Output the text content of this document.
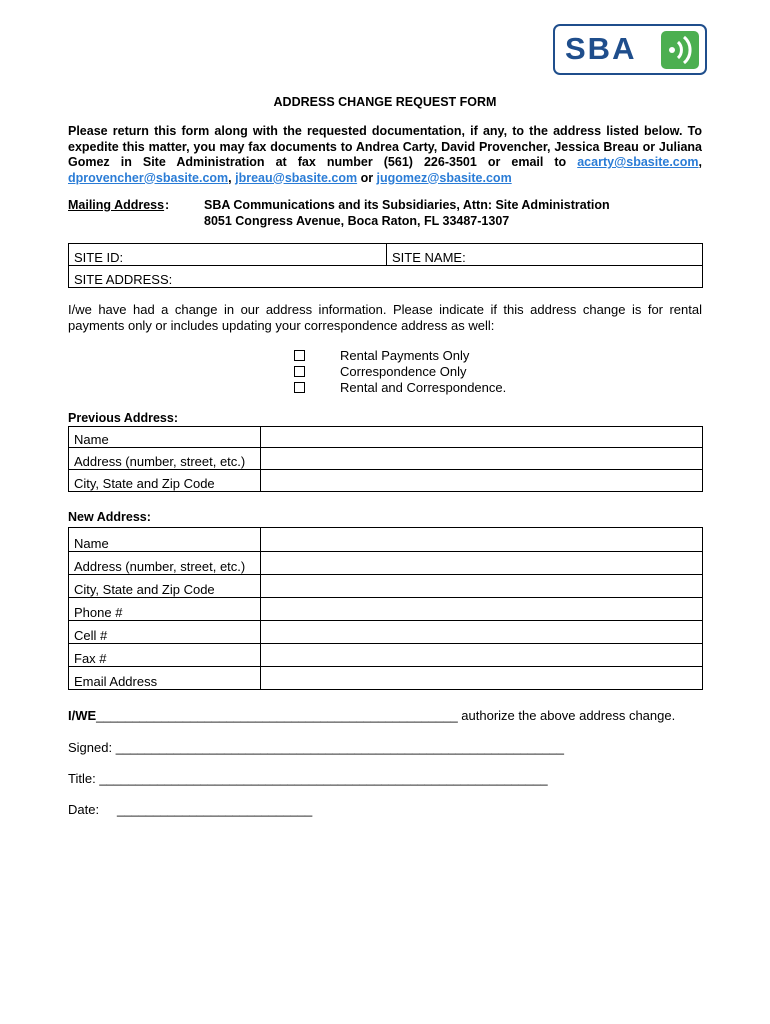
SBA
ADDRESS CHANGE REQUEST FORM
Please return this form along with the requested documentation, if any, to the address listed below. To expedite this matter, you may fax documents to Andrea Carty, David Provencher, Jessica Breau or Juliana Gomez in Site Administration at fax number (561) 226-3501 or email to acarty@sbasite.com, dprovencher@sbasite.com, jbreau@sbasite.com or jugomez@sbasite.com
Mailing Address :	SBA Communications and its Subsidiaries, Attn: Site Administration
8051 Congress Avenue, Boca Raton, FL 33487-1307
SITE ID:	SITE NAME:
SITE ADDRESS:
I/we have had a change in our address information. Please indicate if this address change is for rental payments only or includes updating your correspondence address as well:
Rental Payments Only
Correspondence Only
Rental and Correspondence.
Previous Address:
Name	
Address (number, street, etc.)	
City, State and Zip Code	
New Address:
Name	
Address (number, street, etc.)	
City, State and Zip Code	
Phone #	
Cell #	
Fax #	
Email Address	
I/WE__________________________________________________ authorize the above address change.
Signed: ______________________________________________________________
Title: ______________________________________________________________
Date: ___________________________
